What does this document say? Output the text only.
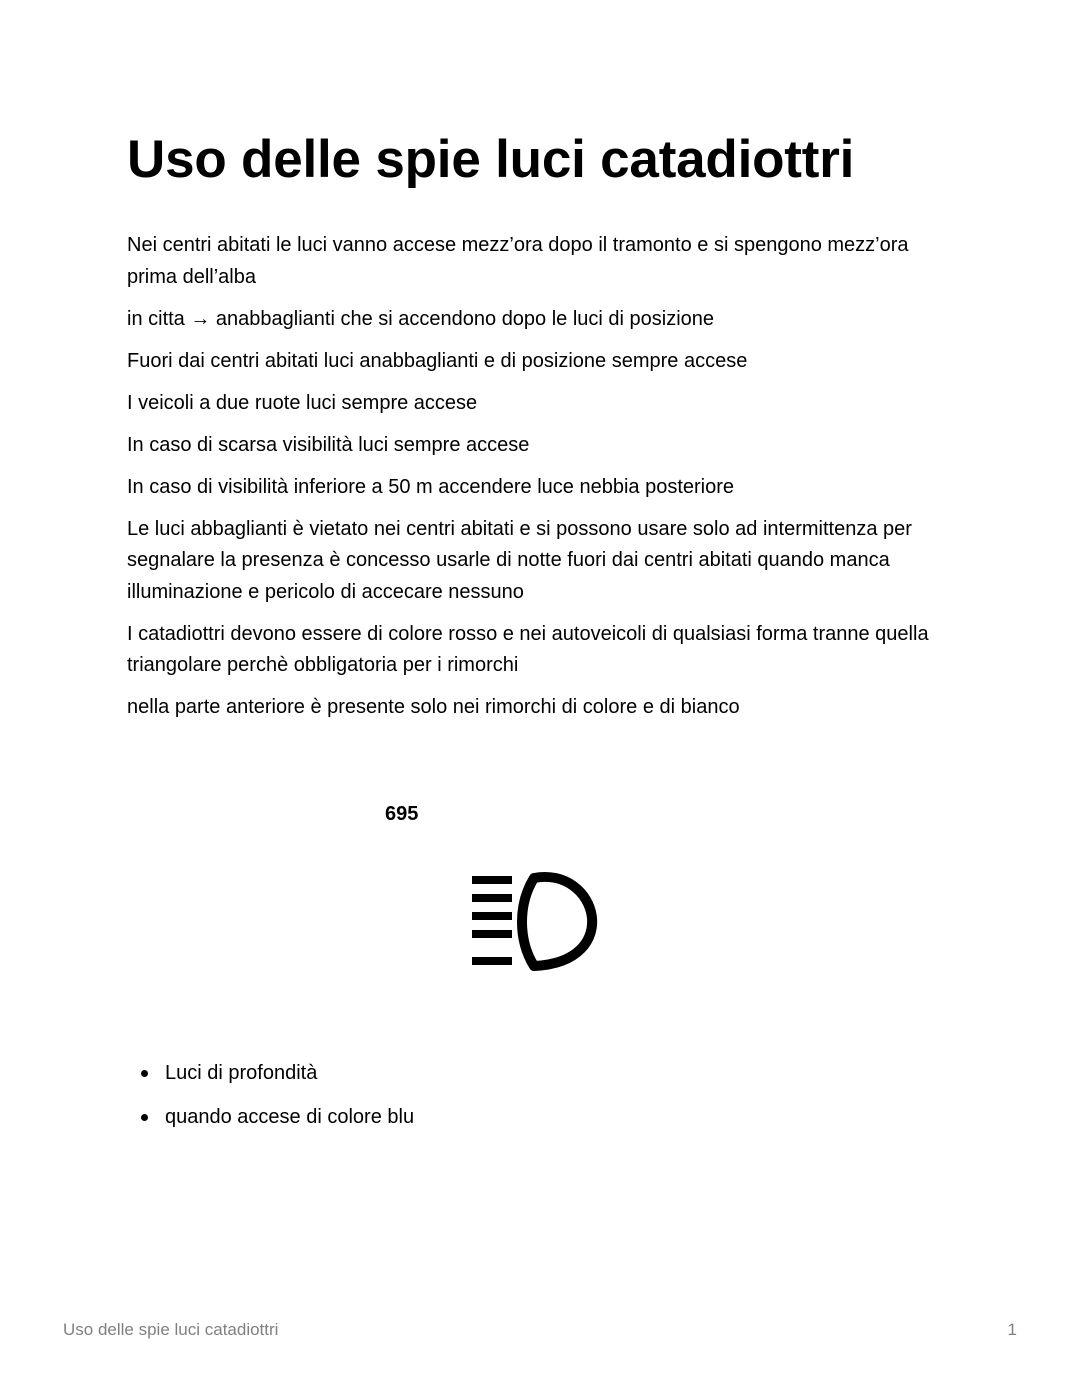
Uso delle spie luci catadiottri

Nei centri abitati le luci vanno accese mezz’ora dopo il tramonto e si spengono mezz’ora prima dell’alba

in citta → anabbaglianti che si accendono dopo le luci di posizione

Fuori dai centri abitati luci anabbaglianti e di posizione sempre accese

I veicoli a due ruote luci sempre accese

In caso di scarsa visibilità luci sempre accese

In caso di visibilità inferiore a 50 m accendere luce nebbia posteriore

Le luci abbaglianti è vietato nei centri abitati e si possono usare solo ad intermittenza per segnalare la presenza è concesso usarle di notte fuori dai centri abitati quando manca illuminazione e pericolo di accecare nessuno

I catadiottri devono essere di colore rosso e nei autoveicoli di qualsiasi forma tranne quella triangolare perchè obbligatoria per i rimorchi

nella parte anteriore è presente solo nei rimorchi di colore e di bianco

695
Luci di profondità
quando accese di colore blu
Uso delle spie luci catadiottri	1
